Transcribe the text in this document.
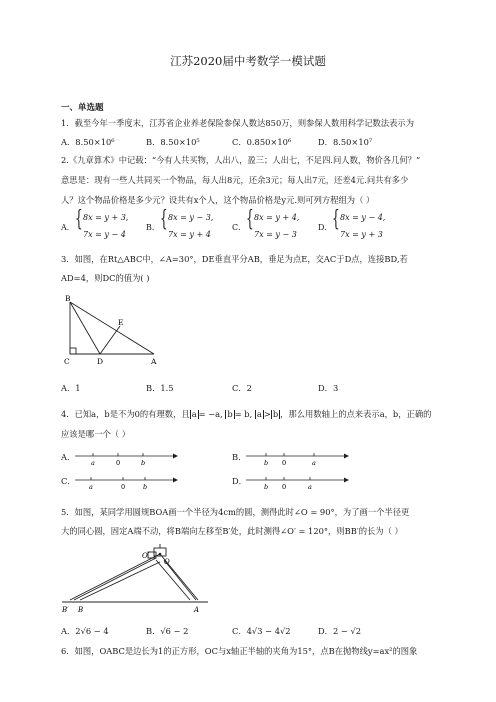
江苏2020届中考数学一模试题
一、单选题
1．截至今年一季度末，江苏省企业养老保险参保人数达850万，则参保人数用科学记数法表示为
A．8.50×10⁶	B．8.50×10⁵	C．0.850×10⁶	D．8.50×10⁷
2.《九章算术》中记载：“今有人共买物，人出八，盈三；人出七，不足四.问人数，物价各几何？”
意思是：现有一些人共同买一个物品，每人出8元，还余3元；每人出7元，还差4元.问共有多少
人？这个物品价格是多少元？设共有x个人，这个物品价格是y元.则可列方程组为（ ）
A． { 8x = y + 3,
7x = y − 4
B． { 8x = y − 3,
7x = y + 4
C． { 8x = y + 4,
7x = y − 3
D． { 8x = y − 4,
7x = y + 3
3．如图，在Rt△ABC中，∠A=30°，DE垂直平分AB，垂足为点E，交AC于D点，连接BD,若
AD=4，则DC的值为( )
B
C	D
E
A
A．1	B．1.5	C．2	D．3
4．已知a，b是不为0的有理数，且 a = −a, b = b, a > b ，那么用数轴上的点来表示a，b，正确的
应该是哪一个（ ）
A．
a	0	b
B．
b 0	a
C．
a	0	b
D．
b 0	a
5．如图，某同学用圆规BOA画一个半径为4cm的圆，测得此时∠O = 90°，为了画一个半径更
大的同心圆，固定A端不动，将B端向左移至B′处，此时测得∠O′ = 120°，则BB′的长为（ ）
O′
O
B′ B	A
A．2√6 − 4	B．√6 − 2	C．4√3 − 4√2	D．2 − √2
6．如图，OABC是边长为1的正方形，OC与x轴正半轴的夹角为15°，点B在抛物线y=ax²的图象
